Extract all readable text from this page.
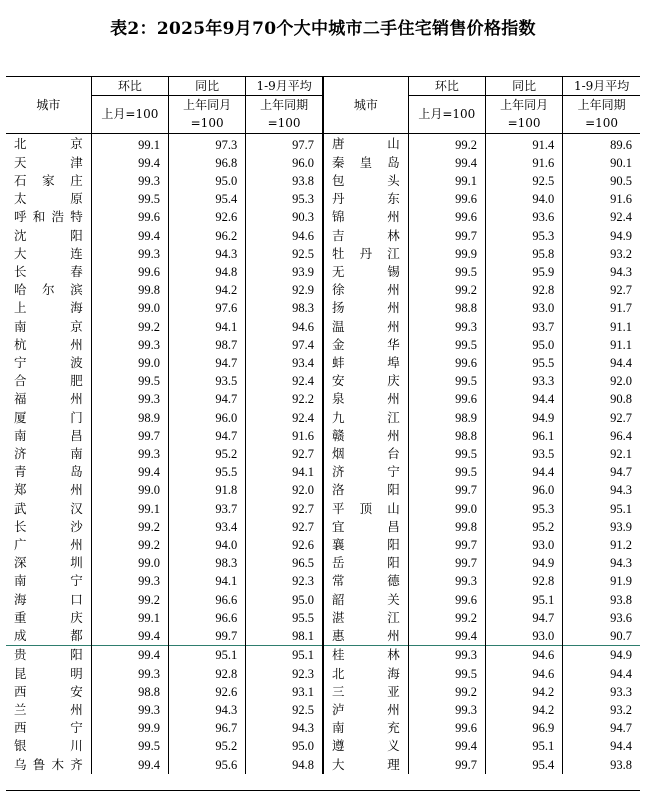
表2：2025年9月70个大中城市二手住宅销售价格指数
城市	环比	同比	1-9月平均	城市	环比	同比	1-9月平均
	上月=100	上年同月=100	上年同期=100		上月=100	上年同月=100	上年同期=100
北京	99.1	97.3	97.7	唐山	99.2	91.4	89.6
天津	99.4	96.8	96.0	秦皇岛	99.4	91.6	90.1
石家庄	99.3	95.0	93.8	包头	99.1	92.5	90.5
太原	99.5	95.4	95.3	丹东	99.6	94.0	91.6
呼和浩特	99.6	92.6	90.3	锦州	99.6	93.6	92.4
沈阳	99.4	96.2	94.6	吉林	99.7	95.3	94.9
大连	99.3	94.3	92.5	牡丹江	99.9	95.8	93.2
长春	99.6	94.8	93.9	无锡	99.5	95.9	94.3
哈尔滨	99.8	94.2	92.9	徐州	99.2	92.8	92.7
上海	99.0	97.6	98.3	扬州	98.8	93.0	91.7
南京	99.2	94.1	94.6	温州	99.3	93.7	91.1
杭州	99.3	98.7	97.4	金华	99.5	95.0	91.1
宁波	99.0	94.7	93.4	蚌埠	99.6	95.5	94.4
合肥	99.5	93.5	92.4	安庆	99.5	93.3	92.0
福州	99.3	94.7	92.2	泉州	99.6	94.4	90.8
厦门	98.9	96.0	92.4	九江	98.9	94.9	92.7
南昌	99.7	94.7	91.6	赣州	98.8	96.1	96.4
济南	99.3	95.2	92.7	烟台	99.5	93.5	92.1
青岛	99.4	95.5	94.1	济宁	99.5	94.4	94.7
郑州	99.0	91.8	92.0	洛阳	99.7	96.0	94.3
武汉	99.1	93.7	92.7	平顶山	99.0	95.3	95.1
长沙	99.2	93.4	92.7	宜昌	99.8	95.2	93.9
广州	99.2	94.0	92.6	襄阳	99.7	93.0	91.2
深圳	99.0	98.3	96.5	岳阳	99.7	94.9	94.3
南宁	99.3	94.1	92.3	常德	99.3	92.8	91.9
海口	99.2	96.6	95.0	韶关	99.6	95.1	93.8
重庆	99.1	96.6	95.5	湛江	99.2	94.7	93.6
成都	99.4	99.7	98.1	惠州	99.4	93.0	90.7
贵阳	99.4	95.1	95.1	桂林	99.3	94.6	94.9
昆明	99.3	92.8	92.3	北海	99.5	94.6	94.4
西安	98.8	92.6	93.1	三亚	99.2	94.2	93.3
兰州	99.3	94.3	92.5	泸州	99.3	94.2	93.2
西宁	99.9	96.7	94.3	南充	99.6	96.9	94.7
银川	99.5	95.2	95.0	遵义	99.4	95.1	94.4
乌鲁木齐	99.4	95.6	94.8	大理	99.7	95.4	93.8
